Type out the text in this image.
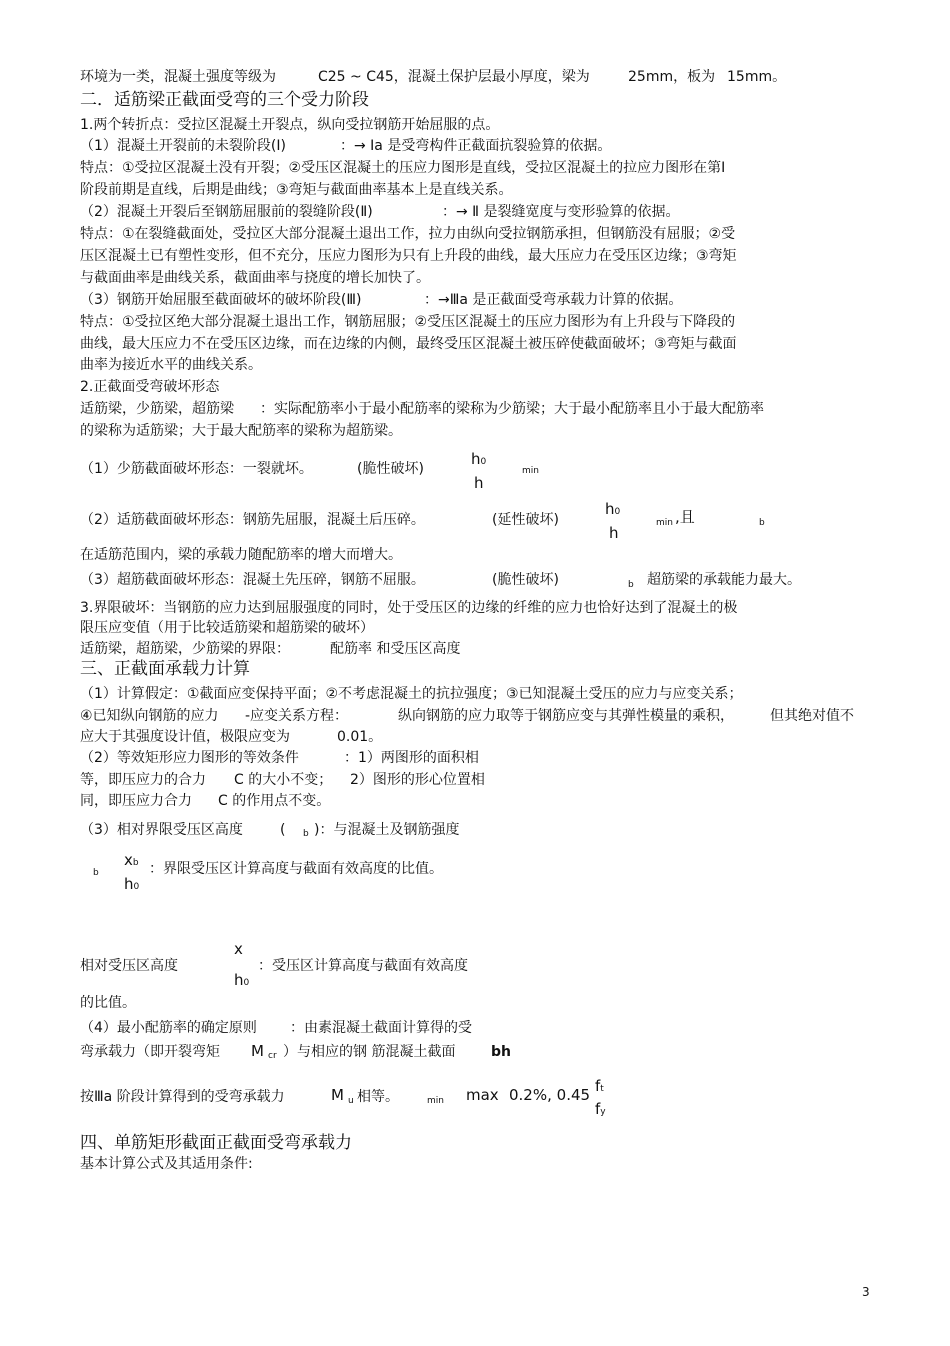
环境为一类，混凝土强度等级为	C25 ~ C45，混凝土保护层最小厚度，梁为	25mm，板为 15mm。
二．适筋梁正截面受弯的三个受力阶段
1.两个转折点：受拉区混凝土开裂点，纵向受拉钢筋开始屈服的点。
（1）混凝土开裂前的未裂阶段(Ⅰ)	：→ Ⅰa 是受弯构件正截面抗裂验算的依据。
特点：①受拉区混凝土没有开裂；②受压区混凝土的压应力图形是直线，受拉区混凝土的拉应力图形在第Ⅰ
阶段前期是直线，后期是曲线；③弯矩与截面曲率基本上是直线关系。
（2）混凝土开裂后至钢筋屈服前的裂缝阶段(Ⅱ)	：→ Ⅱ 是裂缝宽度与变形验算的依据。
特点：①在裂缝截面处，受拉区大部分混凝土退出工作，拉力由纵向受拉钢筋承担，但钢筋没有屈服；②受
压区混凝土已有塑性变形，但不充分，压应力图形为只有上升段的曲线，最大压应力在受压区边缘；③弯矩
与截面曲率是曲线关系，截面曲率与挠度的增长加快了。
（3）钢筋开始屈服至截面破坏的破坏阶段(Ⅲ)	：→Ⅲa 是正截面受弯承载力计算的依据。
特点：①受拉区绝大部分混凝土退出工作，钢筋屈服；②受压区混凝土的压应力图形为有上升段与下降段的
曲线，最大压应力不在受压区边缘，而在边缘的内侧，最终受压区混凝土被压碎使截面破坏；③弯矩与截面
曲率为接近水平的曲线关系。
2.正截面受弯破坏形态
适筋梁，少筋梁，超筋梁 ：实际配筋率小于最小配筋率的梁称为少筋梁；大于最小配筋率且小于最大配筋率
的梁称为适筋梁；大于最大配筋率的梁称为超筋梁。
（1）少筋截面破坏形态：一裂就坏。	(脆性破坏)
h0
h
min
（2）适筋截面破坏形态：钢筋先屈服，混凝土后压碎。	(延性破坏)
h0
h
min ,且	b
在适筋范围内，梁的承载力随配筋率的增大而增大。
（3）超筋截面破坏形态：混凝土先压碎，钢筋不屈服。	(脆性破坏)	b 超筋梁的承载能力最大。
3.界限破坏：当钢筋的应力达到屈服强度的同时，处于受压区的边缘的纤维的应力也恰好达到了混凝土的极
限压应变值（用于比较适筋梁和超筋梁的破坏）
适筋梁，超筋梁，少筋梁的界限：	配筋率 和受压区高度
三、正截面承载力计算
（1）计算假定：①截面应变保持平面；②不考虑混凝土的抗拉强度；③已知混凝土受压的应力与应变关系；
④已知纵向钢筋的应力 -应变关系方程：	纵向钢筋的应力取等于钢筋应变与其弹性模量的乘积，	但其绝对值不
应大于其强度设计值，极限应变为	0.01。
（2）等效矩形应力图形的等效条件	：1）两图形的面积相
等，即压应力的合力 C 的大小不变； 2）图形的形心位置相
同，即压应力合力 C 的作用点不变。
（3）相对界限受压区高度	( b )：与混凝土及钢筋强度
b
xb
h0
：界限受压区计算高度与截面有效高度的比值。
x
相对受压区高度	：受压区计算高度与截面有效高度
h0
的比值。
（4）最小配筋率的确定原则 ：由素混凝土截面计算得的受
弯承载力（即开裂弯矩 M cr ）与相应的钢 筋混凝土截面	bh
按Ⅲa 阶段计算得到的受弯承载力	M u 相等。	min max 0.2%, 0.45 ft
fy
四、单筋矩形截面正截面受弯承载力
基本计算公式及其适用条件:
3
